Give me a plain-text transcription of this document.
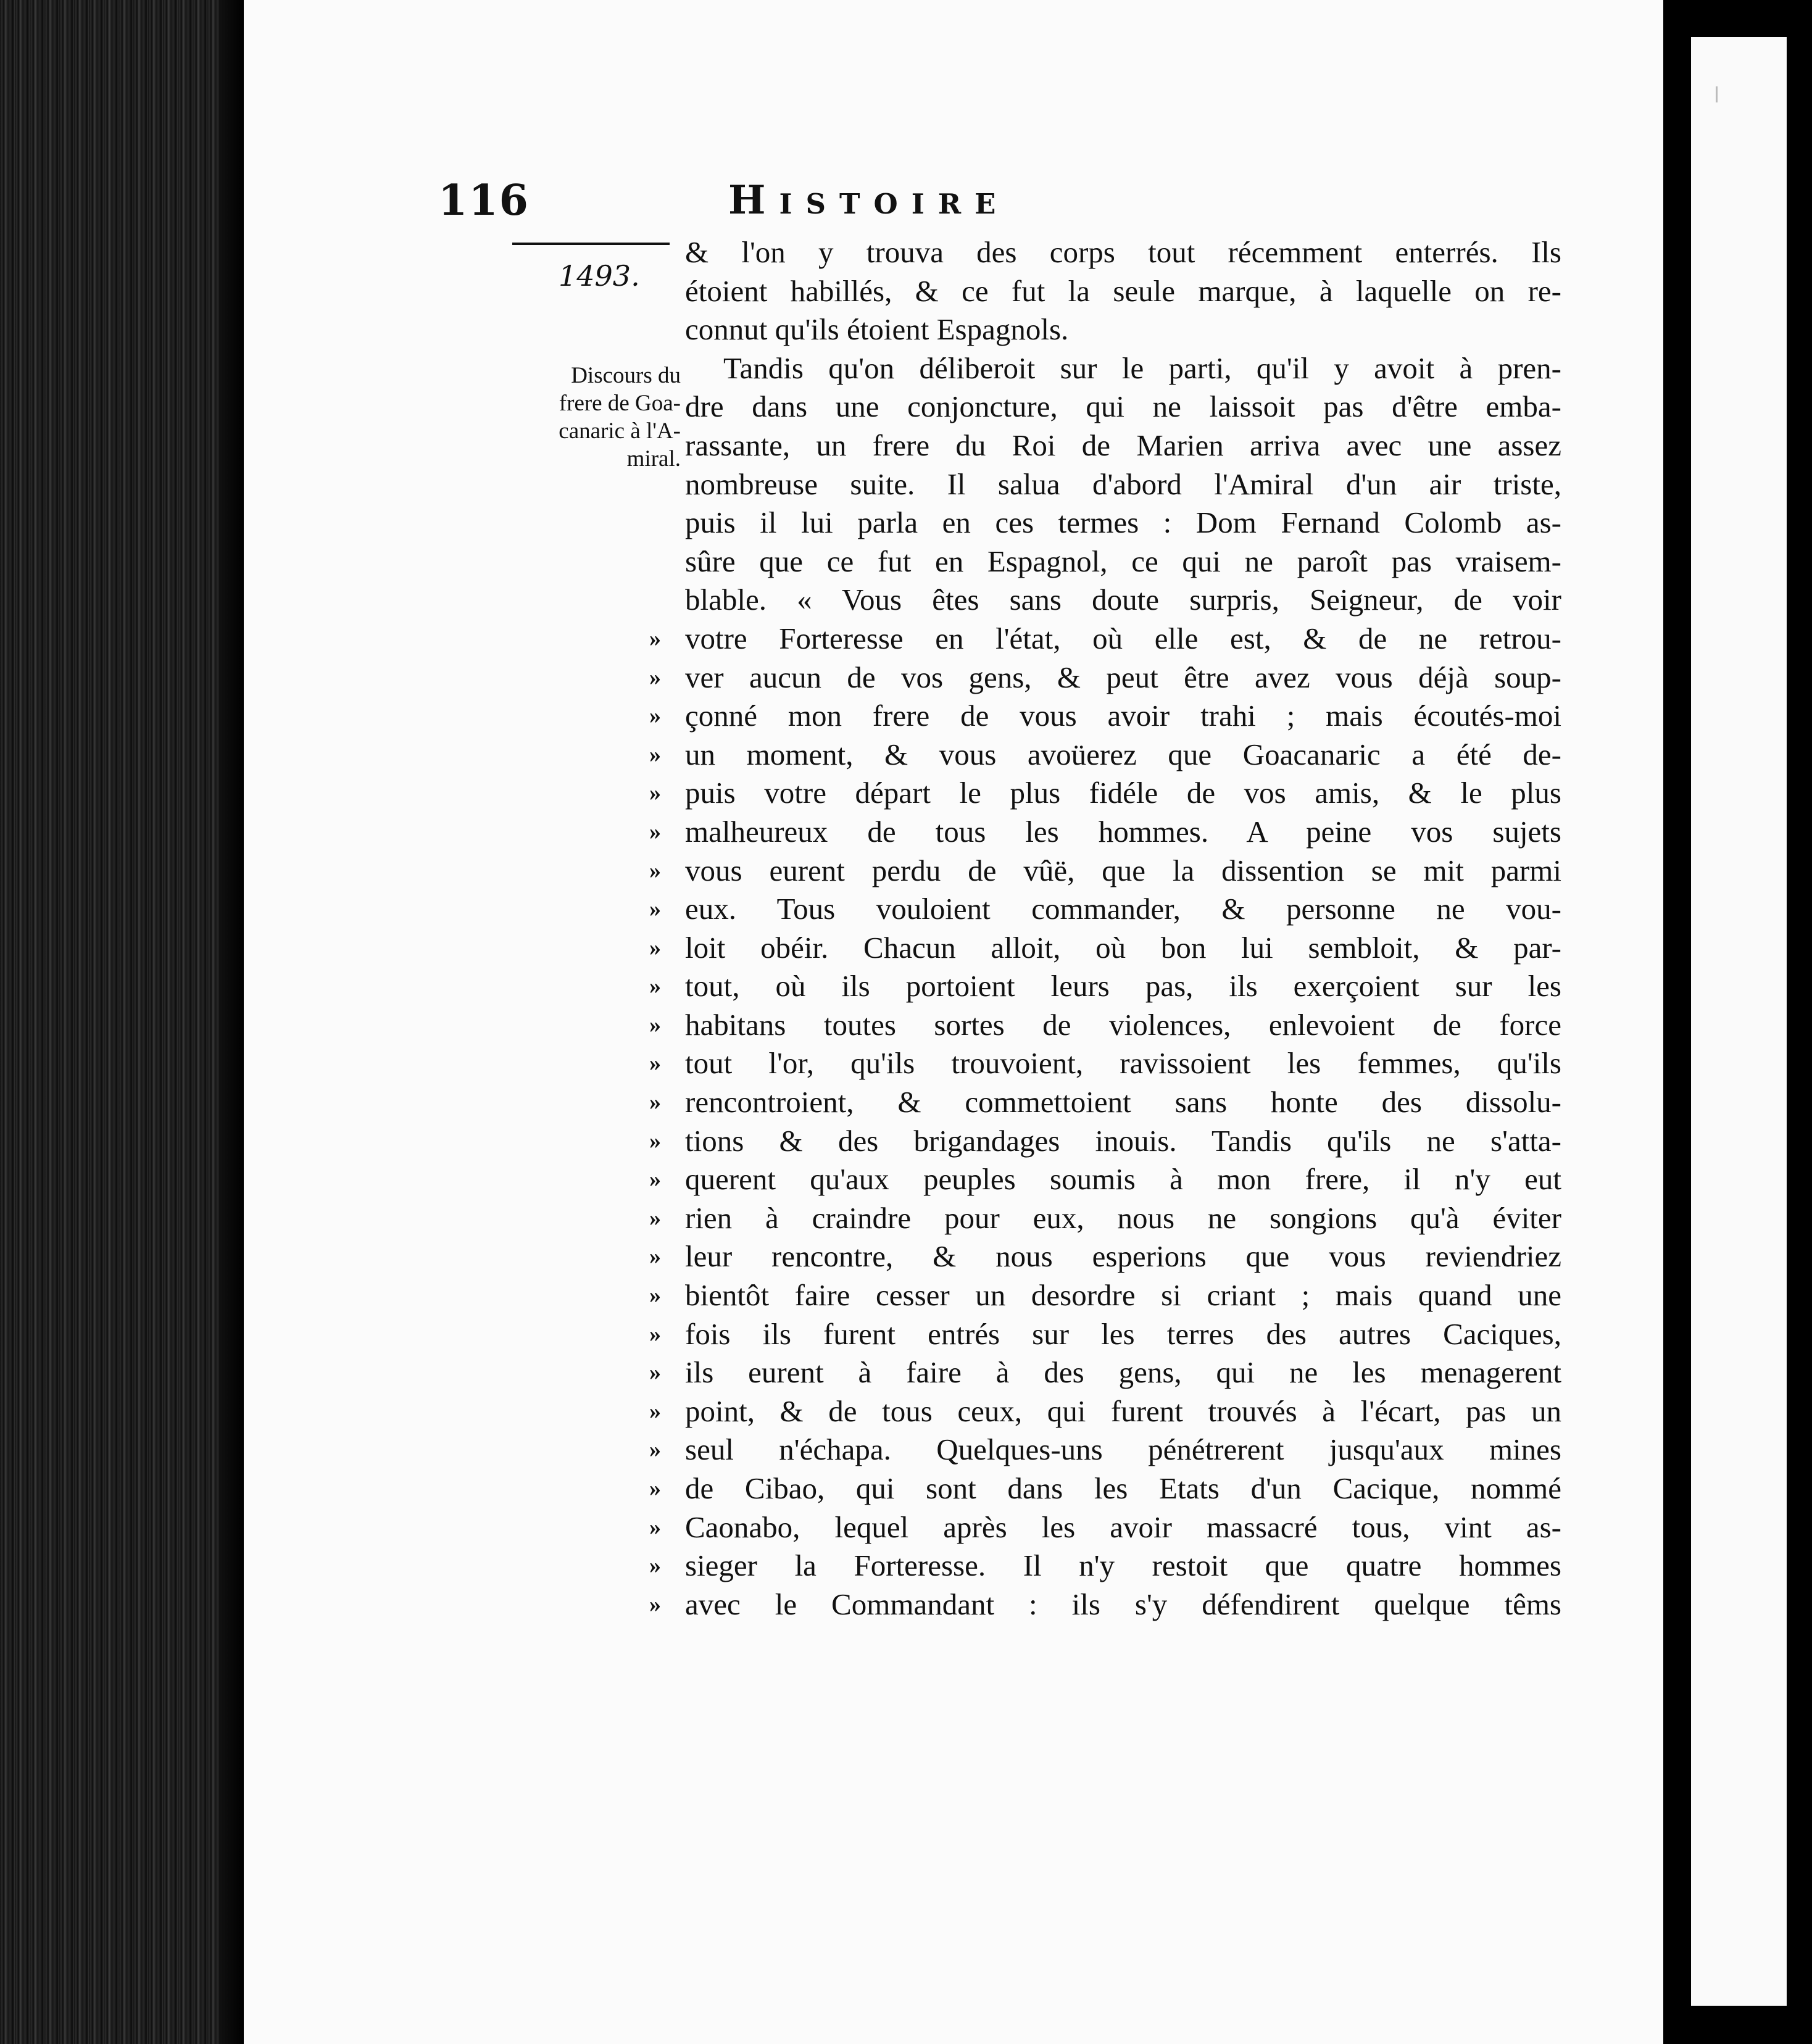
116	Histoire
1493.
Discours du
frere de Goa-
canaric à l'A-
miral.
& l'on y trouva des corps tout récemment enterrés. Ils
étoient habillés, & ce fut la seule marque, à laquelle on re-
connut qu'ils étoient Espagnols.
Tandis qu'on déliberoit sur le parti, qu'il y avoit à pren-
dre dans une conjoncture, qui ne laissoit pas d'être emba-
rassante, un frere du Roi de Marien arriva avec une assez
nombreuse suite. Il salua d'abord l'Amiral d'un air triste,
puis il lui parla en ces termes : Dom Fernand Colomb as-
sûre que ce fut en Espagnol, ce qui ne paroît pas vraisem-
blable. « Vous êtes sans doute surpris, Seigneur, de voir
» votre Forteresse en l'état, où elle est, & de ne retrou-
» ver aucun de vos gens, & peut être avez vous déjà soup-
» çonné mon frere de vous avoir trahi ; mais écoutés-moi
» un moment, & vous avoüerez que Goacanaric a été de-
» puis votre départ le plus fidéle de vos amis, & le plus
» malheureux de tous les hommes. A peine vos sujets
» vous eurent perdu de vûë, que la dissention se mit parmi
» eux. Tous vouloient commander, & personne ne vou-
» loit obéir. Chacun alloit, où bon lui sembloit, & par-
» tout, où ils portoient leurs pas, ils exerçoient sur les
» habitans toutes sortes de violences, enlevoient de force
» tout l'or, qu'ils trouvoient, ravissoient les femmes, qu'ils
» rencontroient, & commettoient sans honte des dissolu-
» tions & des brigandages inouis. Tandis qu'ils ne s'atta-
» querent qu'aux peuples soumis à mon frere, il n'y eut
» rien à craindre pour eux, nous ne songions qu'à éviter
» leur rencontre, & nous esperions que vous reviendriez
» bientôt faire cesser un desordre si criant ; mais quand une
» fois ils furent entrés sur les terres des autres Caciques,
» ils eurent à faire à des gens, qui ne les menagerent
» point, & de tous ceux, qui furent trouvés à l'écart, pas un
» seul n'échapa. Quelques-uns pénétrerent jusqu'aux mines
» de Cibao, qui sont dans les Etats d'un Cacique, nommé
» Caonabo, lequel après les avoir massacré tous, vint as-
» sieger la Forteresse. Il n'y restoit que quatre hommes
» avec le Commandant : ils s'y défendirent quelque têms
